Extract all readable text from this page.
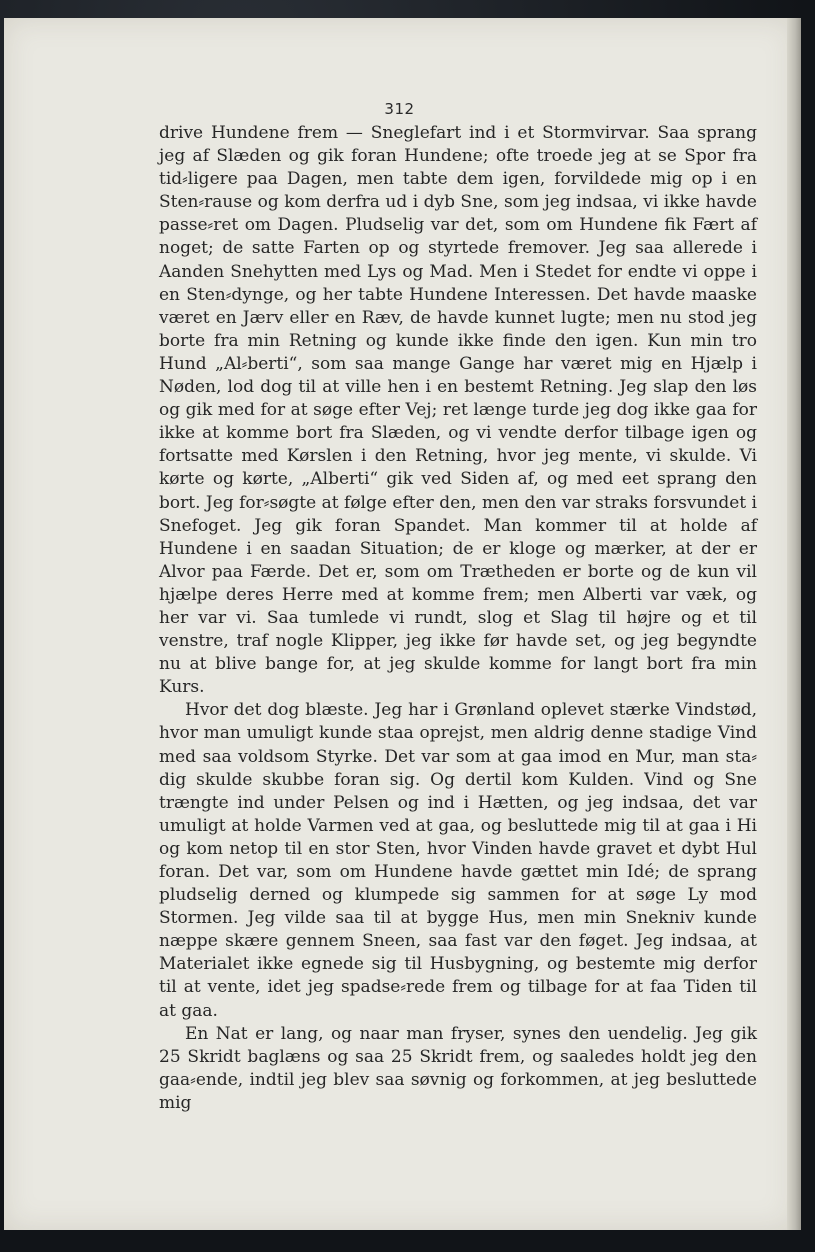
312

drive Hundene frem — Sneglefart ind i et Stormvirvar. Saa sprang jeg af Slæden og gik foran Hundene; ofte troede jeg at se Spor fra tid⸗ligere paa Dagen, men tabte dem igen, forvildede mig op i en Sten⸗rause og kom derfra ud i dyb Sne, som jeg indsaa, vi ikke havde passe⸗ret om Dagen. Pludselig var det, som om Hundene fik Fært af noget; de satte Farten op og styrtede fremover. Jeg saa allerede i Aanden Snehytten med Lys og Mad. Men i Stedet for endte vi oppe i en Sten⸗dynge, og her tabte Hundene Interessen. Det havde maaske været en Jærv eller en Ræv, de havde kunnet lugte; men nu stod jeg borte fra min Retning og kunde ikke finde den igen. Kun min tro Hund „Al⸗berti“, som saa mange Gange har været mig en Hjælp i Nøden, lod dog til at ville hen i en bestemt Retning. Jeg slap den løs og gik med for at søge efter Vej; ret længe turde jeg dog ikke gaa for ikke at komme bort fra Slæden, og vi vendte derfor tilbage igen og fortsatte med Kørslen i den Retning, hvor jeg mente, vi skulde. Vi kørte og kørte, „Alberti“ gik ved Siden af, og med eet sprang den bort. Jeg for⸗søgte at følge efter den, men den var straks forsvundet i Snefoget. Jeg gik foran Spandet. Man kommer til at holde af Hundene i en saadan Situation; de er kloge og mærker, at der er Alvor paa Færde. Det er, som om Trætheden er borte og de kun vil hjælpe deres Herre med at komme frem; men Alberti var væk, og her var vi. Saa tumlede vi rundt, slog et Slag til højre og et til venstre, traf nogle Klipper, jeg ikke før havde set, og jeg begyndte nu at blive bange for, at jeg skulde komme for langt bort fra min Kurs.

Hvor det dog blæste. Jeg har i Grønland oplevet stærke Vindstød, hvor man umuligt kunde staa oprejst, men aldrig denne stadige Vind med saa voldsom Styrke. Det var som at gaa imod en Mur, man sta⸗dig skulde skubbe foran sig. Og dertil kom Kulden. Vind og Sne trængte ind under Pelsen og ind i Hætten, og jeg indsaa, det var umuligt at holde Varmen ved at gaa, og besluttede mig til at gaa i Hi og kom netop til en stor Sten, hvor Vinden havde gravet et dybt Hul foran. Det var, som om Hundene havde gættet min Idé; de sprang pludselig derned og klumpede sig sammen for at søge Ly mod Stormen. Jeg vilde saa til at bygge Hus, men min Snekniv kunde næppe skære gennem Sneen, saa fast var den føget. Jeg indsaa, at Materialet ikke egnede sig til Husbygning, og bestemte mig derfor til at vente, idet jeg spadse⸗rede frem og tilbage for at faa Tiden til at gaa.

En Nat er lang, og naar man fryser, synes den uendelig. Jeg gik 25 Skridt baglæns og saa 25 Skridt frem, og saaledes holdt jeg den gaa⸗ende, indtil jeg blev saa søvnig og forkommen, at jeg besluttede mig
